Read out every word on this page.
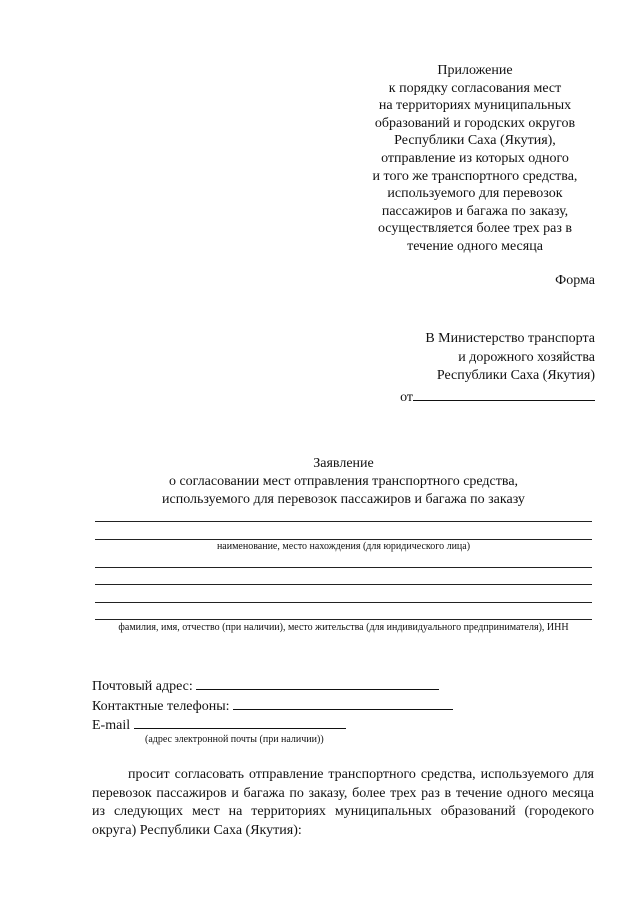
Приложение
к порядку согласования мест
на территориях муниципальных
образований и городских округов
Республики Саха (Якутия),
отправление из которых одного
и того же транспортного средства,
используемого для перевозок
пассажиров и багажа по заказу,
осуществляется более трех раз в
течение одного месяца
Форма
В Министерство транспорта
и дорожного хозяйства
Республики Саха (Якутия)
от
Заявление
о согласовании мест отправления транспортного средства,
используемого для перевозок пассажиров и багажа по заказу
наименование, место нахождения (для юридического лица)
фамилия, имя, отчество (при наличии), место жительства (для индивидуального предпринимателя), ИНН
Почтовый адрес:
Контактные телефоны:
E-mail
(адрес электронной почты (при наличии))
просит согласовать отправление транспортного средства, используемого для перевозок пассажиров и багажа по заказу, более трех раз в течение одного месяца из следующих мест на территориях муниципальных образований (городекого округа) Республики Саха (Якутия):
